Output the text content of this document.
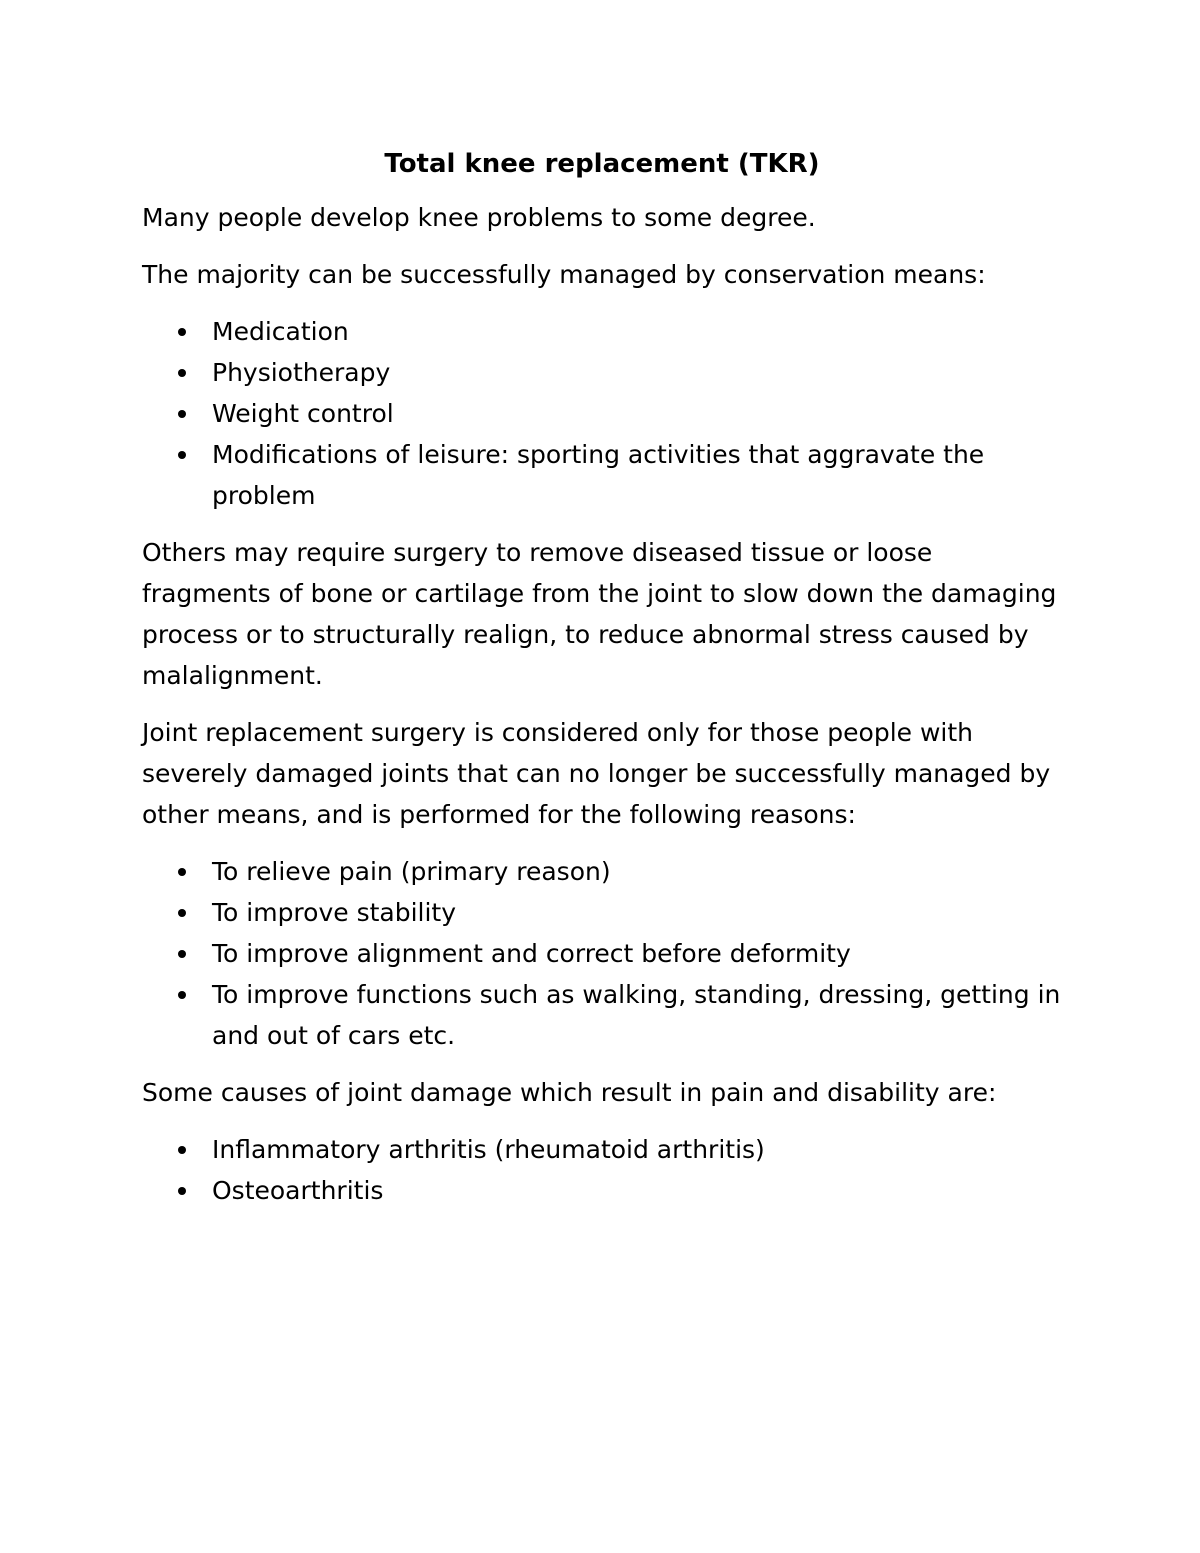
Total knee replacement (TKR)

Many people develop knee problems to some degree.

The majority can be successfully managed by conservation means:

Medication
Physiotherapy
Weight control
Modifications of leisure: sporting activities that aggravate the problem

Others may require surgery to remove diseased tissue or loose fragments of bone or cartilage from the joint to slow down the damaging process or to structurally realign, to reduce abnormal stress caused by malalignment.

Joint replacement surgery is considered only for those people with severely damaged joints that can no longer be successfully managed by other means, and is performed for the following reasons:

To relieve pain (primary reason)
To improve stability
To improve alignment and correct before deformity
To improve functions such as walking, standing, dressing, getting in and out of cars etc.

Some causes of joint damage which result in pain and disability are:

Inflammatory arthritis (rheumatoid arthritis)
Osteoarthritis
